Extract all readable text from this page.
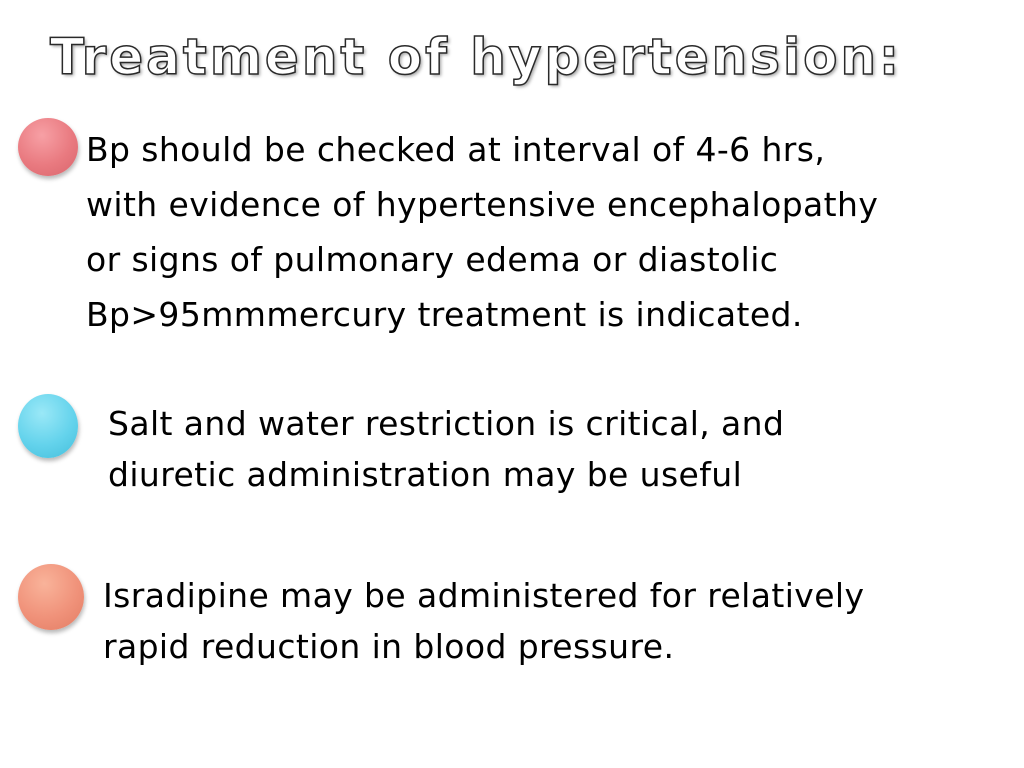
Treatment of hypertension:

Bp should be checked at interval of 4-6 hrs,
with evidence of hypertensive encephalopathy
or signs of pulmonary edema or diastolic
Bp>95mmmercury treatment is indicated.

Salt and water restriction is critical, and
diuretic administration may be useful

Isradipine may be administered for relatively
rapid reduction in blood pressure.
